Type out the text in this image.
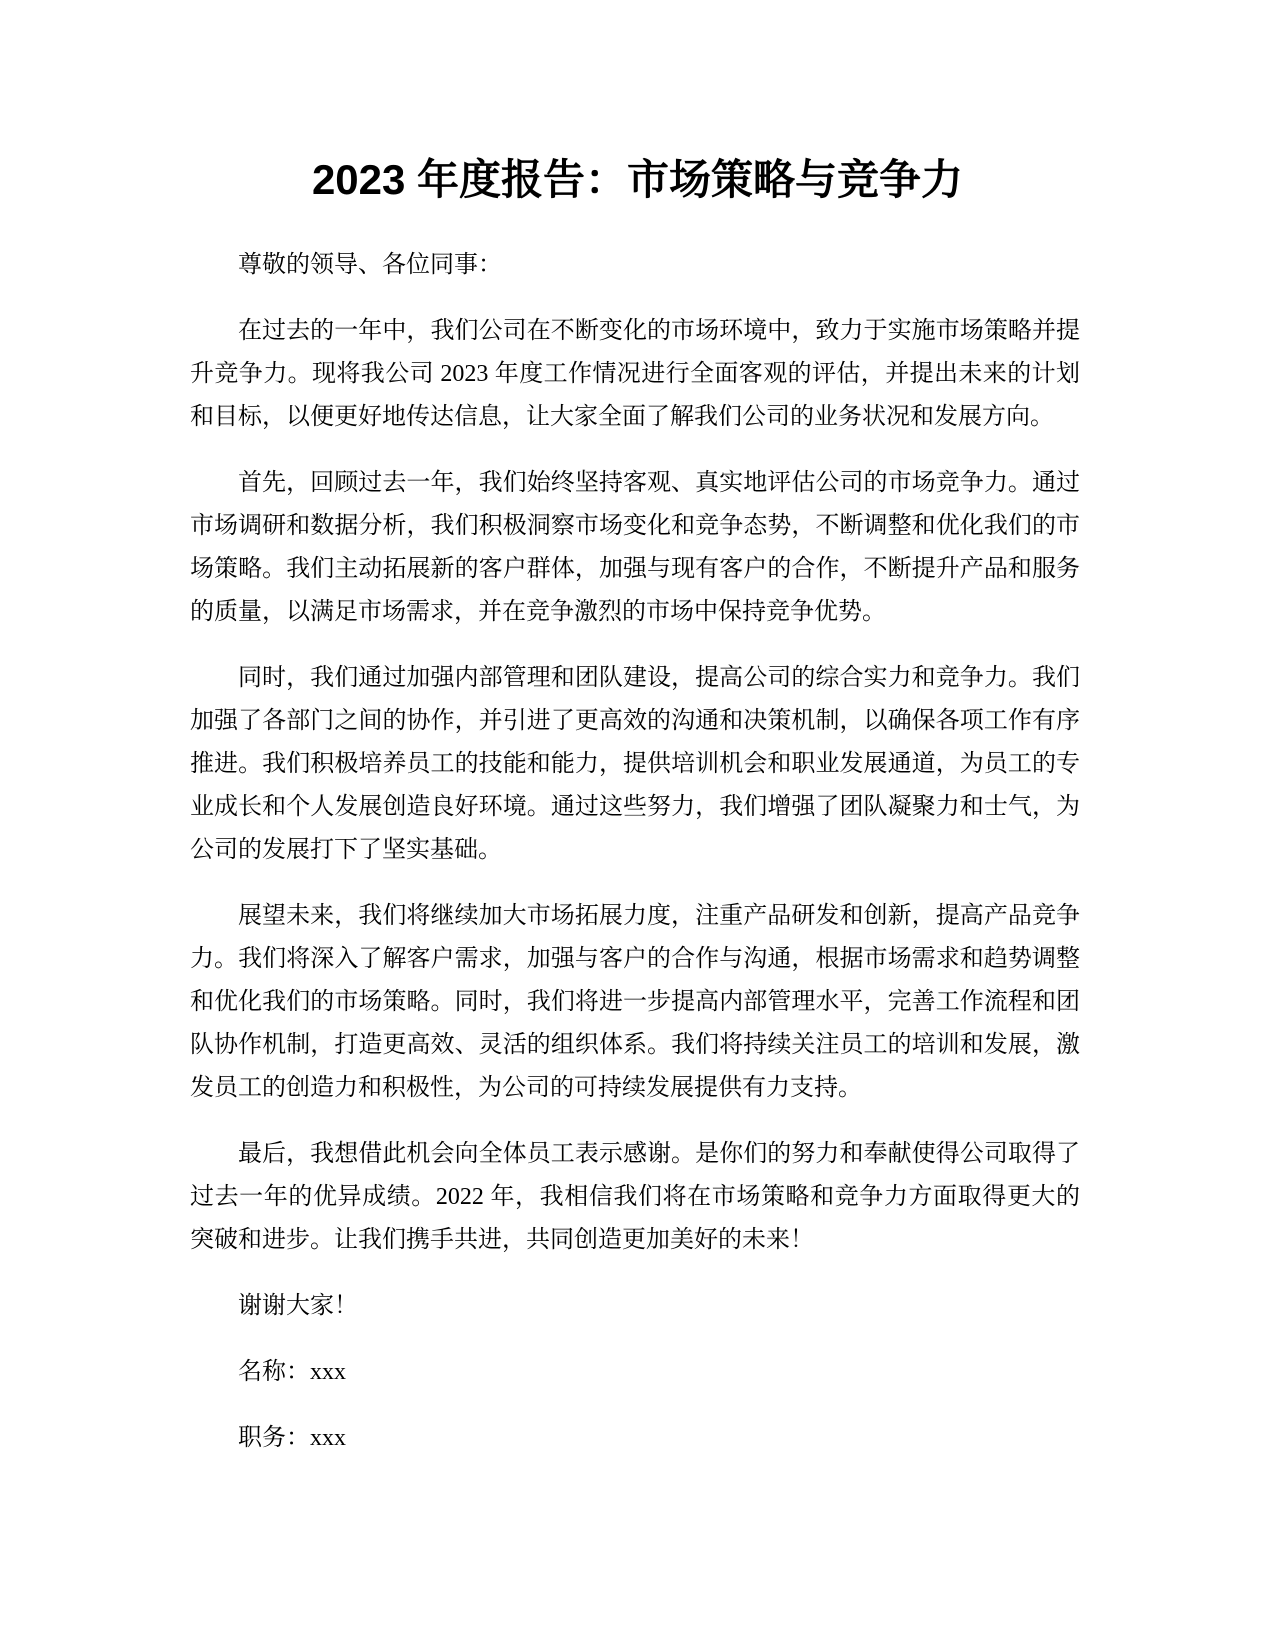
2023 年度报告：市场策略与竞争力

尊敬的领导、各位同事：

在过去的一年中，我们公司在不断变化的市场环境中，致力于实施市场策略并提升竞争力。现将我公司 2023 年度工作情况进行全面客观的评估，并提出未来的计划和目标，以便更好地传达信息，让大家全面了解我们公司的业务状况和发展方向。

首先，回顾过去一年，我们始终坚持客观、真实地评估公司的市场竞争力。通过市场调研和数据分析，我们积极洞察市场变化和竞争态势，不断调整和优化我们的市场策略。我们主动拓展新的客户群体，加强与现有客户的合作，不断提升产品和服务的质量，以满足市场需求，并在竞争激烈的市场中保持竞争优势。

同时，我们通过加强内部管理和团队建设，提高公司的综合实力和竞争力。我们加强了各部门之间的协作，并引进了更高效的沟通和决策机制，以确保各项工作有序推进。我们积极培养员工的技能和能力，提供培训机会和职业发展通道，为员工的专业成长和个人发展创造良好环境。通过这些努力，我们增强了团队凝聚力和士气，为公司的发展打下了坚实基础。

展望未来，我们将继续加大市场拓展力度，注重产品研发和创新，提高产品竞争力。我们将深入了解客户需求，加强与客户的合作与沟通，根据市场需求和趋势调整和优化我们的市场策略。同时，我们将进一步提高内部管理水平，完善工作流程和团队协作机制，打造更高效、灵活的组织体系。我们将持续关注员工的培训和发展，激发员工的创造力和积极性，为公司的可持续发展提供有力支持。

最后，我想借此机会向全体员工表示感谢。是你们的努力和奉献使得公司取得了过去一年的优异成绩。2022 年，我相信我们将在市场策略和竞争力方面取得更大的突破和进步。让我们携手共进，共同创造更加美好的未来！

谢谢大家！

名称：xxx

职务：xxx
